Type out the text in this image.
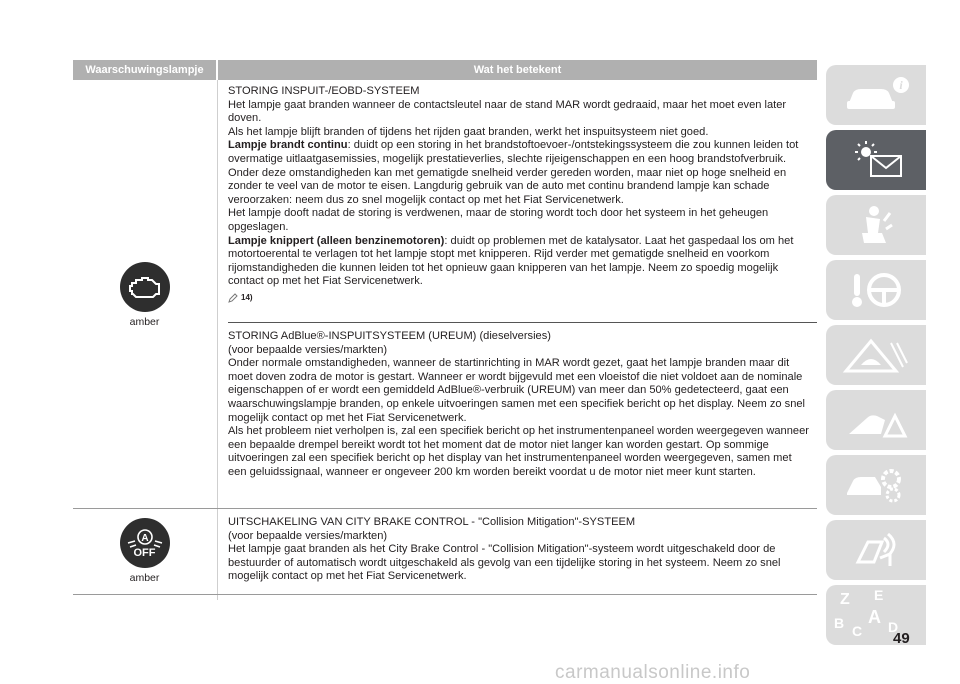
Waarschuwingslampje	Wat het betekent
amber

STORING INSPUIT-/EOBD-SYSTEEM

Het lampje gaat branden wanneer de contactsleutel naar de stand MAR wordt gedraaid, maar het moet even later doven.

Als het lampje blijft branden of tijdens het rijden gaat branden, werkt het inspuitsysteem niet goed.

Lampje brandt continu: duidt op een storing in het brandstoftoevoer-/ontstekingssysteem die zou kunnen leiden tot overmatige uitlaatgasemissies, mogelijk prestatieverlies, slechte rijeigenschappen en een hoog brandstofverbruik. Onder deze omstandigheden kan met gematigde snelheid verder gereden worden, maar niet op hoge snelheid en zonder te veel van de motor te eisen. Langdurig gebruik van de auto met continu brandend lampje kan schade veroorzaken: neem dus zo snel mogelijk contact op met het Fiat Servicenetwerk.

Het lampje dooft nadat de storing is verdwenen, maar de storing wordt toch door het systeem in het geheugen opgeslagen.

Lampje knippert (alleen benzinemotoren): duidt op problemen met de katalysator. Laat het gaspedaal los om het motortoerental te verlagen tot het lampje stopt met knipperen. Rijd verder met gematigde snelheid en voorkom rijomstandigheden die kunnen leiden tot het opnieuw gaan knipperen van het lampje. Neem zo spoedig mogelijk contact op met het Fiat Servicenetwerk.

14)

STORING AdBlue®-INSPUITSYSTEEM (UREUM) (dieselversies)

(voor bepaalde versies/markten)

Onder normale omstandigheden, wanneer de startinrichting in MAR wordt gezet, gaat het lampje branden maar dit moet doven zodra de motor is gestart. Wanneer er wordt bijgevuld met een vloeistof die niet voldoet aan de nominale eigenschappen of er wordt een gemiddeld AdBlue®-verbruik (UREUM) van meer dan 50% gedetecteerd, gaat een waarschuwingslampje branden, op enkele uitvoeringen samen met een specifiek bericht op het display. Neem zo snel mogelijk contact op met het Fiat Servicenetwerk.

Als het probleem niet verholpen is, zal een specifiek bericht op het instrumentenpaneel worden weergegeven wanneer een bepaalde drempel bereikt wordt tot het moment dat de motor niet langer kan worden gestart. Op sommige uitvoeringen zal een specifiek bericht op het display van het instrumentenpaneel worden weergegeven, samen met een geluidssignaal, wanneer er ongeveer 200 km worden bereikt voordat u de motor niet meer kunt starten.

A
OFF
amber

UITSCHAKELING VAN CITY BRAKE CONTROL - "Collision Mitigation"-SYSTEEM

(voor bepaalde versies/markten)

Het lampje gaat branden als het City Brake Control - "Collision Mitigation"-systeem wordt uitgeschakeld door de bestuurder of automatisch wordt uitgeschakeld als gevolg van een tijdelijke storing in het systeem. Neem zo snel mogelijk contact op met het Fiat Servicenetwerk.

i
Z E
B A D
C 49
carmanualsonline.info
